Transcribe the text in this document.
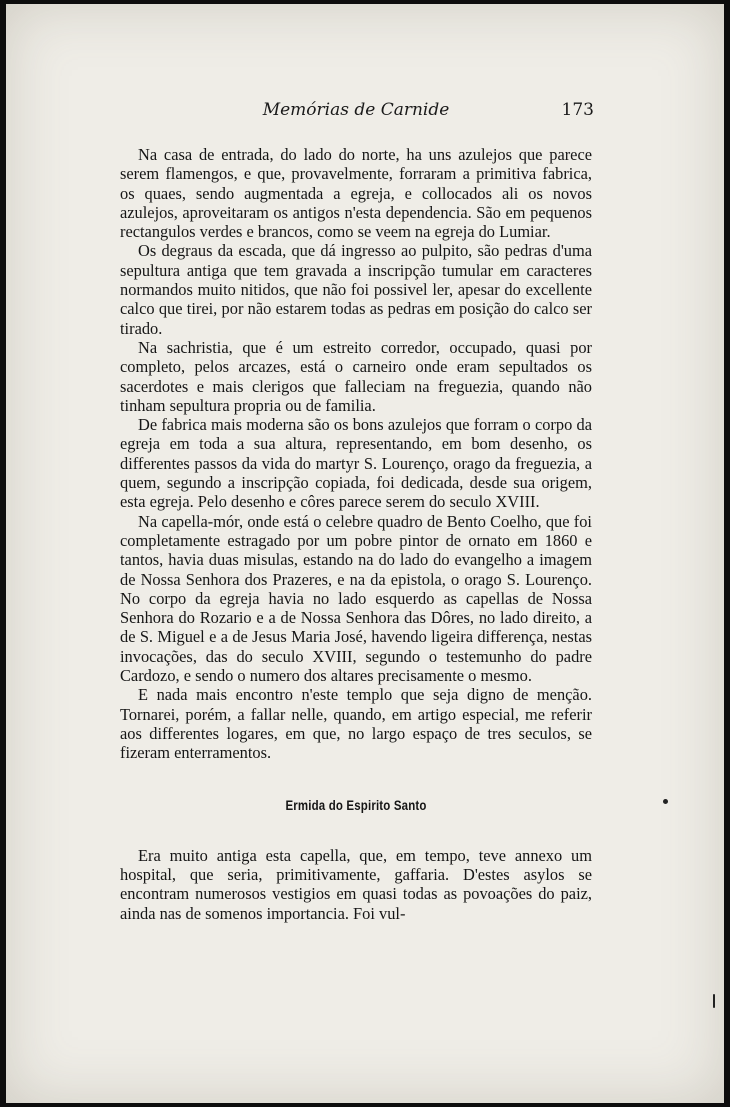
Memórias de Carnide	173

Na casa de entrada, do lado do norte, ha uns azulejos que parece serem flamengos, e que, provavelmente, forraram a primitiva fabrica, os quaes, sendo augmentada a egreja, e collocados ali os novos azulejos, aproveitaram os antigos n'esta dependencia. São em pequenos rectangulos verdes e brancos, como se veem na egreja do Lumiar.

Os degraus da escada, que dá ingresso ao pulpito, são pedras d'uma sepultura antiga que tem gravada a inscripção tumular em caracteres normandos muito nitidos, que não foi possivel ler, apesar do excellente calco que tirei, por não estarem todas as pedras em posição do calco ser tirado.

Na sachristia, que é um estreito corredor, occupado, quasi por completo, pelos arcazes, está o carneiro onde eram sepultados os sacerdotes e mais clerigos que falleciam na freguezia, quando não tinham sepultura propria ou de familia.

De fabrica mais moderna são os bons azulejos que forram o corpo da egreja em toda a sua altura, representando, em bom desenho, os differentes passos da vida do martyr S. Lourenço, orago da freguezia, a quem, segundo a inscripção copiada, foi dedicada, desde sua origem, esta egreja. Pelo desenho e côres parece serem do seculo XVIII.

Na capella-mór, onde está o celebre quadro de Bento Coelho, que foi completamente estragado por um pobre pintor de ornato em 1860 e tantos, havia duas misulas, estando na do lado do evangelho a imagem de Nossa Senhora dos Prazeres, e na da epistola, o orago S. Lourenço. No corpo da egreja havia no lado esquerdo as capellas de Nossa Senhora do Rozario e a de Nossa Senhora das Dôres, no lado direito, a de S. Miguel e a de Jesus Maria José, havendo ligeira differença, nestas invocações, das do seculo XVIII, segundo o testemunho do padre Cardozo, e sendo o numero dos altares precisamente o mesmo.

E nada mais encontro n'este templo que seja digno de menção. Tornarei, porém, a fallar nelle, quando, em artigo especial, me referir aos differentes logares, em que, no largo espaço de tres seculos, se fizeram enterramentos.

Ermida do Espirito Santo

Era muito antiga esta capella, que, em tempo, teve annexo um hospital, que seria, primitivamente, gaffaria. D'estes asylos se encontram numerosos vestigios em quasi todas as povoações do paiz, ainda nas de somenos importancia. Foi vul-
